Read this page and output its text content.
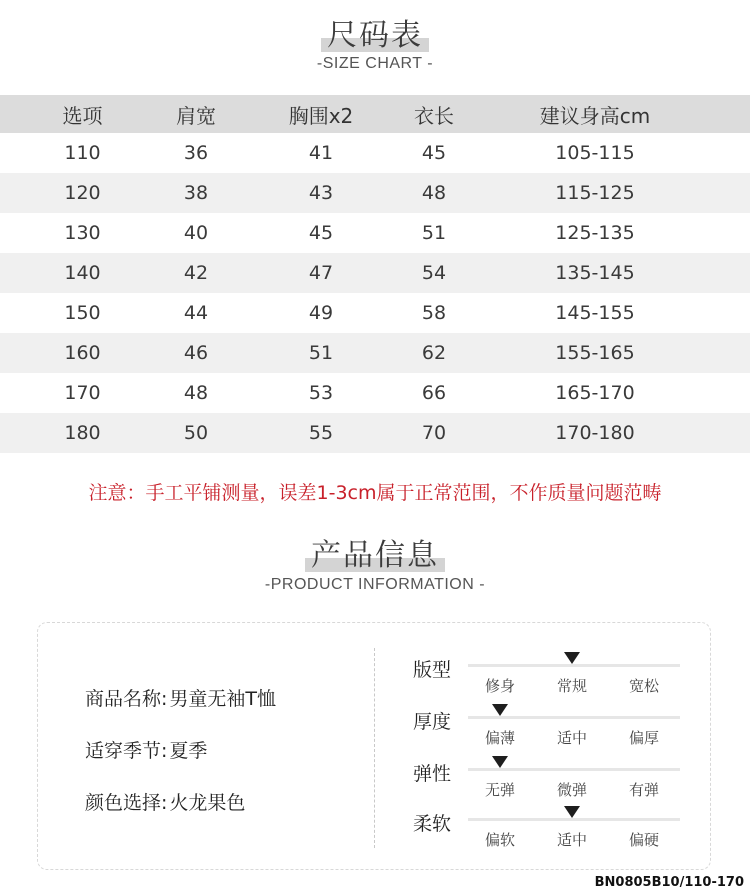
尺码表
-SIZE CHART -
选项	肩宽	胸围x2	衣长	建议身高cm
110	36	41	45	105-115
120	38	43	48	115-125
130	40	45	51	125-135
140	42	47	54	135-145
150	44	49	58	145-155
160	46	51	62	155-165
170	48	53	66	165-170
180	50	55	70	170-180
注意：手工平铺测量，误差1-3cm属于正常范围，不作质量问题范畴
产品信息
-PRODUCT INFORMATION -
商品名称: 男童无袖T恤
适穿季节: 夏季
颜色选择: 火龙果色
版型
修身	常规	宽松
厚度
偏薄	适中	偏厚
弹性
无弹	微弹	有弹
柔软
偏软	适中	偏硬
BN0805B10/110-170
